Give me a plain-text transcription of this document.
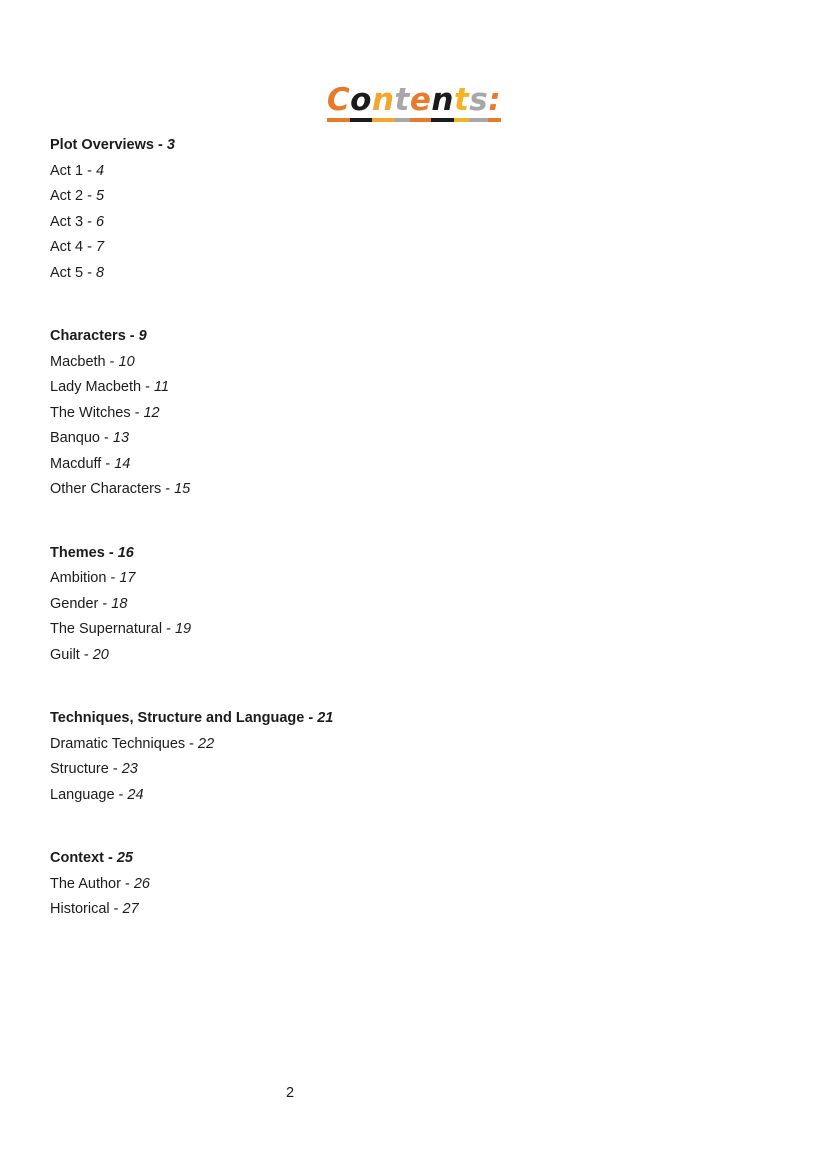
Contents:
Plot Overviews - 3
Act 1 - 4
Act 2 - 5
Act 3 - 6
Act 4 - 7
Act 5 - 8
Characters - 9
Macbeth - 10
Lady Macbeth - 11
The Witches - 12
Banquo - 13
Macduff - 14
Other Characters - 15
Themes - 16
Ambition - 17
Gender - 18
The Supernatural - 19
Guilt - 20
Techniques, Structure and Language - 21
Dramatic Techniques - 22
Structure - 23
Language - 24
Context - 25
The Author - 26
Historical - 27
2
